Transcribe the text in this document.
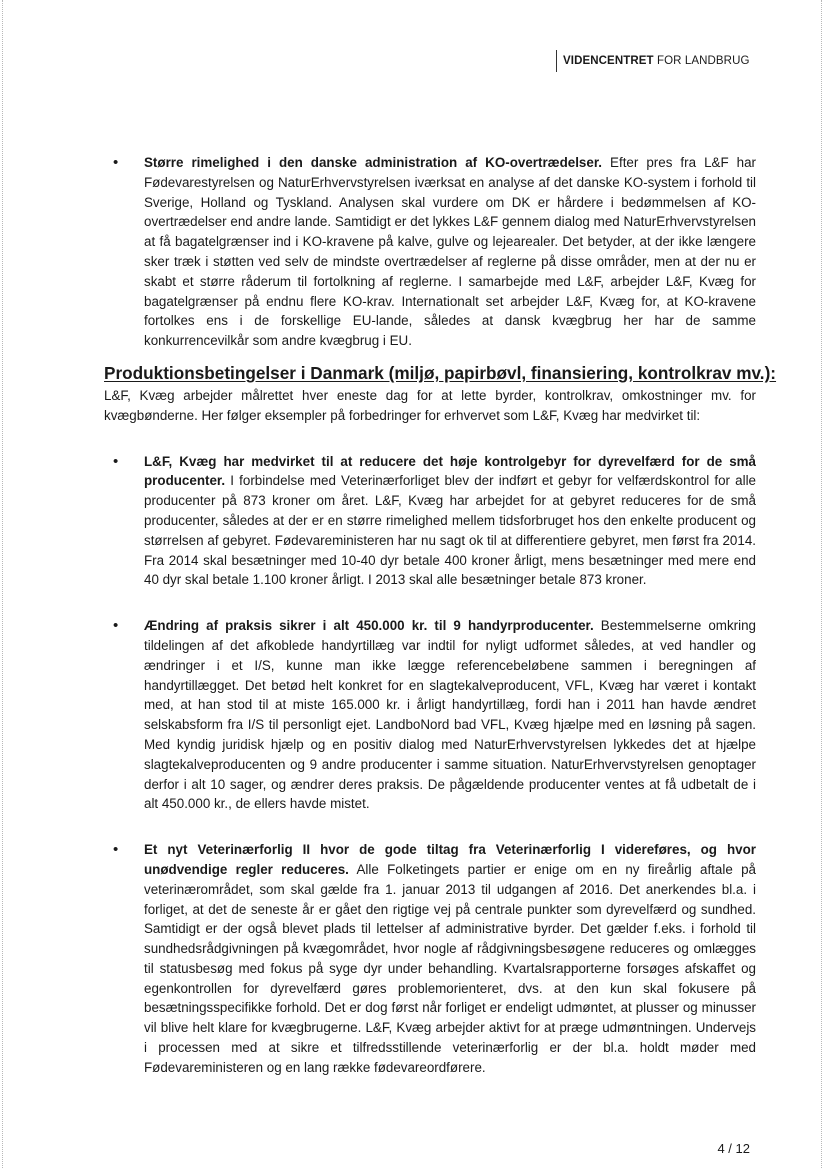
VIDENCENTRET FOR LANDBRUG
• Større rimelighed i den danske administration af KO-overtrædelser. Efter pres fra L&F har Fødevarestyrelsen og NaturErhvervstyrelsen iværksat en analyse af det danske KO-system i forhold til Sverige, Holland og Tyskland. Analysen skal vurdere om DK er hårdere i bedømmelsen af KO-overtrædelser end andre lande. Samtidigt er det lykkes L&F gennem dialog med NaturErhvervstyrelsen at få bagatelgrænser ind i KO-kravene på kalve, gulve og lejearealer. Det betyder, at der ikke længere sker træk i støtten ved selv de mindste overtrædelser af reglerne på disse områder, men at der nu er skabt et større råderum til fortolkning af reglerne. I samarbejde med L&F, arbejder L&F, Kvæg for bagatelgrænser på endnu flere KO-krav. Internationalt set arbejder L&F, Kvæg for, at KO-kravene fortolkes ens i de forskellige EU-lande, således at dansk kvægbrug her har de samme konkurrencevilkår som andre kvægbrug i EU.
Produktionsbetingelser i Danmark (miljø, papirbøvl, finansiering, kontrolkrav mv.):
L&F, Kvæg arbejder målrettet hver eneste dag for at lette byrder, kontrolkrav, omkostninger mv. for kvægbønderne. Her følger eksempler på forbedringer for erhvervet som L&F, Kvæg har medvirket til:
• L&F, Kvæg har medvirket til at reducere det høje kontrolgebyr for dyrevelfærd for de små producenter. I forbindelse med Veterinærforliget blev der indført et gebyr for velfærdskontrol for alle producenter på 873 kroner om året. L&F, Kvæg har arbejdet for at gebyret reduceres for de små producenter, således at der er en større rimelighed mellem tidsforbruget hos den enkelte producent og størrelsen af gebyret. Fødevareministeren har nu sagt ok til at differentiere gebyret, men først fra 2014. Fra 2014 skal besætninger med 10-40 dyr betale 400 kroner årligt, mens besætninger med mere end 40 dyr skal betale 1.100 kroner årligt. I 2013 skal alle besætninger betale 873 kroner.
• Ændring af praksis sikrer i alt 450.000 kr. til 9 handyrproducenter. Bestemmelserne omkring tildelingen af det afkoblede handyrtillæg var indtil for nyligt udformet således, at ved handler og ændringer i et I/S, kunne man ikke lægge referencebeløbene sammen i beregningen af handyrtillægget. Det betød helt konkret for en slagtekalveproducent, VFL, Kvæg har været i kontakt med, at han stod til at miste 165.000 kr. i årligt handyrtillæg, fordi han i 2011 han havde ændret selskabsform fra I/S til personligt ejet. LandboNord bad VFL, Kvæg hjælpe med en løsning på sagen. Med kyndig juridisk hjælp og en positiv dialog med NaturErhvervstyrelsen lykkedes det at hjælpe slagtekalveproducenten og 9 andre producenter i samme situation. NaturErhvervstyrelsen genoptager derfor i alt 10 sager, og ændrer deres praksis. De pågældende producenter ventes at få udbetalt de i alt 450.000 kr., de ellers havde mistet.
• Et nyt Veterinærforlig II hvor de gode tiltag fra Veterinærforlig I videreføres, og hvor unødvendige regler reduceres. Alle Folketingets partier er enige om en ny fireårlig aftale på veterinærområdet, som skal gælde fra 1. januar 2013 til udgangen af 2016. Det anerkendes bl.a. i forliget, at det de seneste år er gået den rigtige vej på centrale punkter som dyrevelfærd og sundhed. Samtidigt er der også blevet plads til lettelser af administrative byrder. Det gælder f.eks. i forhold til sundhedsrådgivningen på kvægområdet, hvor nogle af rådgivningsbesøgene reduceres og omlægges til statusbesøg med fokus på syge dyr under behandling. Kvartalsrapporterne forsøges afskaffet og egenkontrollen for dyrevelfærd gøres problemorienteret, dvs. at den kun skal fokusere på besætningsspecifikke forhold. Det er dog først når forliget er endeligt udmøntet, at plusser og minusser vil blive helt klare for kvægbrugerne. L&F, Kvæg arbejder aktivt for at præge udmøntningen. Undervejs i processen med at sikre et tilfredsstillende veterinærforlig er der bl.a. holdt møder med Fødevareministeren og en lang række fødevareordførere.
4 / 12
